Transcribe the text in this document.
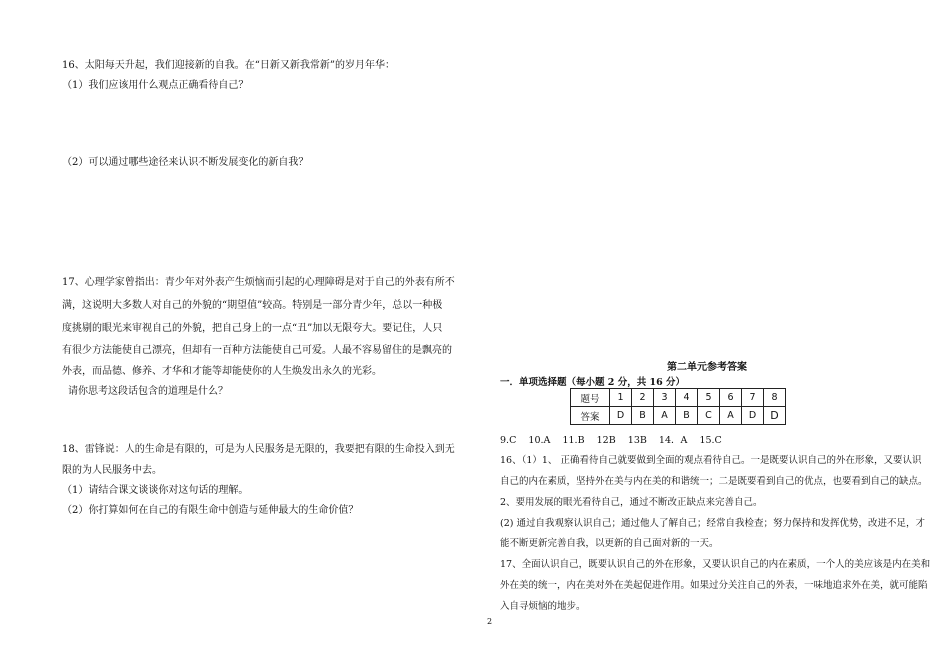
16、太阳每天升起，我们迎接新的自我。在“日新又新我常新”的岁月年华：
（1）我们应该用什么观点正确看待自己？
（2）可以通过哪些途径来认识不断发展变化的新自我？
17、心理学家曾指出：青少年对外表产生烦恼而引起的心理障碍是对于自己的外表有所不
满，这说明大多数人对自己的外貌的“期望值”较高。特别是一部分青少年，总以一种极
度挑剔的眼光来审视自己的外貌，把自己身上的一点“丑”加以无限夸大。要记住，人只
有很少方法能使自己漂亮，但却有一百种方法能使自己可爱。人最不容易留住的是飘亮的
外表，而品德、修养、才华和才能等却能使你的人生焕发出永久的光彩。
请你思考这段话包含的道理是什么？
18、雷锋说：人的生命是有限的，可是为人民服务是无限的，我要把有限的生命投入到无
限的为人民服务中去。
（1）请结合课文谈谈你对这句话的理解。
（2）你打算如何在自己的有限生命中创造与延伸最大的生命价值？
第二单元参考答案
一．单项选择题（每小题 2 分，共 16 分）
题号	1	2	3	4	5	6	7	8
答案	D	B	A	B	C	A	D	D
9.C    10.A    11.B    12B    13B    14．A    15.C
16、（1）1、 正确看待自己就要做到全面的观点看待自己。一是既要认识自己的外在形象，又要认识
自己的内在素质，坚持外在美与内在美的和谐统一；二是既要看到自己的优点，也要看到自己的缺点。
2、要用发展的眼光看待自己，通过不断改正缺点来完善自己。
(2) 通过自我观察认识自己；通过他人了解自己；经常自我检查；努力保持和发挥优势，改进不足，才
能不断更新完善自我，以更新的自己面对新的一天。
17、全面认识自己，既要认识自己的外在形象，又要认识自己的内在素质，一个人的美应该是内在美和
外在美的统一，内在美对外在美起促进作用。如果过分关注自己的外表，一味地追求外在美，就可能陷
入自寻烦恼的地步。
2
